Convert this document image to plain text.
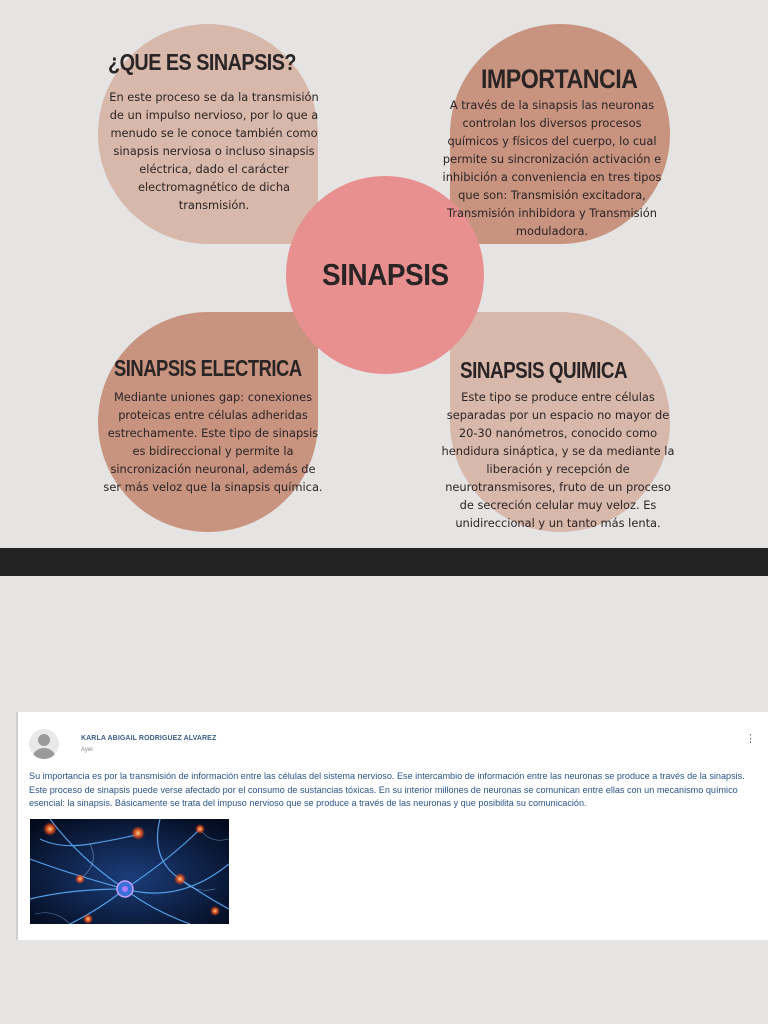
SINAPSIS
¿QUE ES SINAPSIS?
En este proceso se da la transmisión
de un impulso nervioso, por lo que a
menudo se le conoce también como
sinapsis nerviosa o incluso sinapsis
eléctrica, dado el carácter
electromagnético de dicha
transmisión.
IMPORTANCIA
A través de la sinapsis las neuronas
controlan los diversos procesos
químicos y físicos del cuerpo, lo cual
permite su sincronización activación e
inhibición a conveniencia en tres tipos
que son: Transmisión excitadora,
Transmisión inhibidora y Transmisión
moduladora.
SINAPSIS ELECTRICA
Mediante uniones gap: conexiones
proteicas entre células adheridas
estrechamente. Este tipo de sinapsis
es bidireccional y permite la
sincronización neuronal, además de
ser más veloz que la sinapsis química.
SINAPSIS QUIMICA
Este tipo se produce entre células
separadas por un espacio no mayor de
20-30 nanómetros, conocido como
hendidura sináptica, y se da mediante la
liberación y recepción de
neurotransmisores, fruto de un proceso
de secreción celular muy veloz. Es
unidireccional y un tanto más lenta.
KARLA ABIGAIL RODRIGUEZ ALVAREZ
Ayer
⋮
Su importancia es por la transmisión de información entre las células del sistema nervioso. Ese intercambio de información entre las neuronas se produce a través de la sinapsis. Este proceso de sinapsis puede verse afectado por el consumo de sustancias tóxicas. En su interior millones de neuronas se comunican entre ellas con un mecanismo químico esencial: la sinapsis. Básicamente se trata del impuso nervioso que se produce a través de las neuronas y que posibilita su comunicación.
